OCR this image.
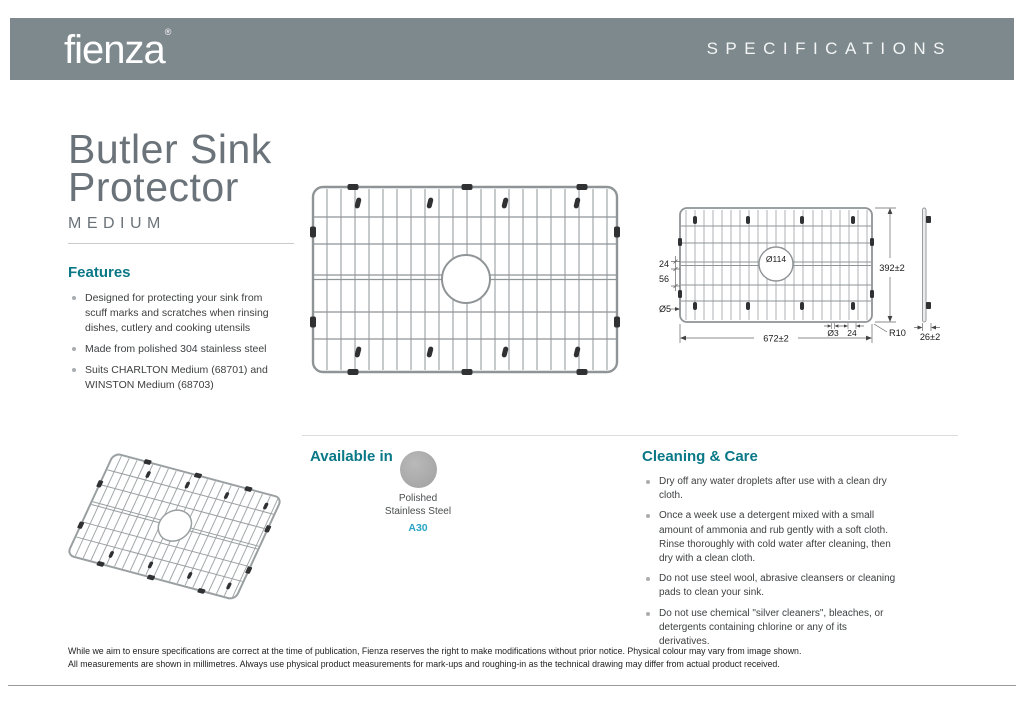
fienza®
SPECIFICATIONS
Butler Sink
Protector
MEDIUM
Features
Designed for protecting your sink from scuff marks and scratches when rinsing dishes, cutlery and cooking utensils
Made from polished 304 stainless steel
Suits CHARLTON Medium (68701) and WINSTON Medium (68703)
Ø114
392±2
24
56
Ø5
672±2
Ø3 24	R10 26±2
Available in
Polished
Stainless Steel
A30
Cleaning & Care
Dry off any water droplets after use with a clean dry cloth.
Once a week use a detergent mixed with a small amount of ammonia and rub gently with a soft cloth. Rinse thoroughly with cold water after cleaning, then dry with a clean cloth.
Do not use steel wool, abrasive cleansers or cleaning pads to clean your sink.
Do not use chemical "silver cleaners", bleaches, or detergents containing chlorine or any of its derivatives.
While we aim to ensure specifications are correct at the time of publication, Fienza reserves the right to make modifications without prior notice. Physical colour may vary from image shown.
All measurements are shown in millimetres. Always use physical product measurements for mark-ups and roughing-in as the technical drawing may differ from actual product received.
